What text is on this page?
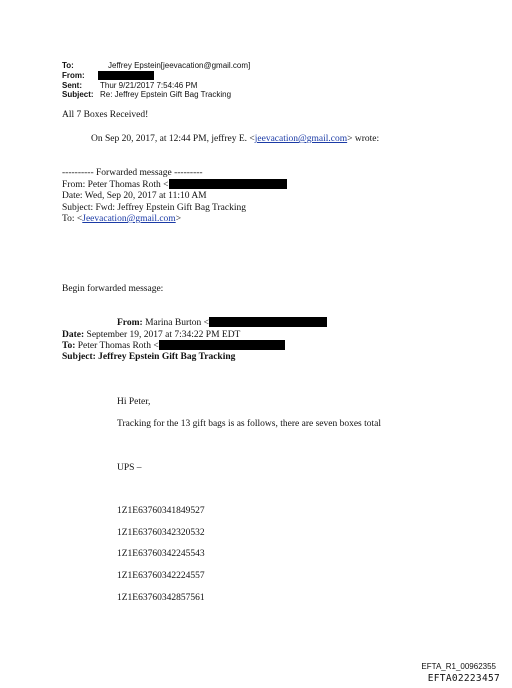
To:	Jeffrey Epstein[jeevacation@gmail.com]
From:
Sent: Thur 9/21/2017 7:54:46 PM
Subject: Re: Jeffrey Epstein Gift Bag Tracking
All 7 Boxes Received!
On Sep 20, 2017, at 12:44 PM, jeffrey E. <jeevacation@gmail.com> wrote:
---------- Forwarded message ---------
From: Peter Thomas Roth <
Date: Wed, Sep 20, 2017 at 11:10 AM
Subject: Fwd: Jeffrey Epstein Gift Bag Tracking
To: <Jeevacation@gmail.com>
Begin forwarded message:
From: Marina Burton <
Date: September 19, 2017 at 7:34:22 PM EDT
To: Peter Thomas Roth <
Subject: Jeffrey Epstein Gift Bag Tracking
Hi Peter,
Tracking for the 13 gift bags is as follows, there are seven boxes total
UPS –
1Z1E63760341849527
1Z1E63760342320532
1Z1E63760342245543
1Z1E63760342224557
1Z1E63760342857561
EFTA_R1_00962355
EFTA02223457
